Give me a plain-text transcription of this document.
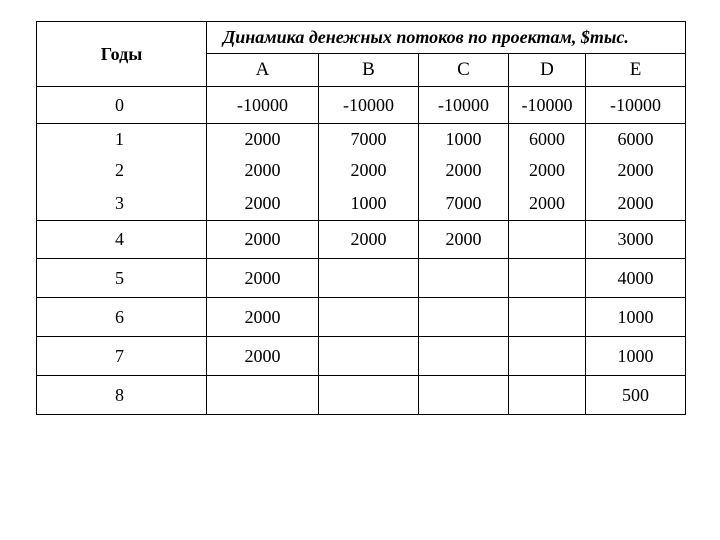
Годы	Динамика денежных потоков по проектам, $тыс.				
	A	B	C	D	E
0	-10000	-10000	-10000	-10000	-10000
1	2000	7000	1000	6000	6000
2	2000	2000	2000	2000	2000
3	2000	1000	7000	2000	2000
4	2000	2000	2000		3000
5	2000				4000
6	2000				1000
7	2000				1000
8					500
